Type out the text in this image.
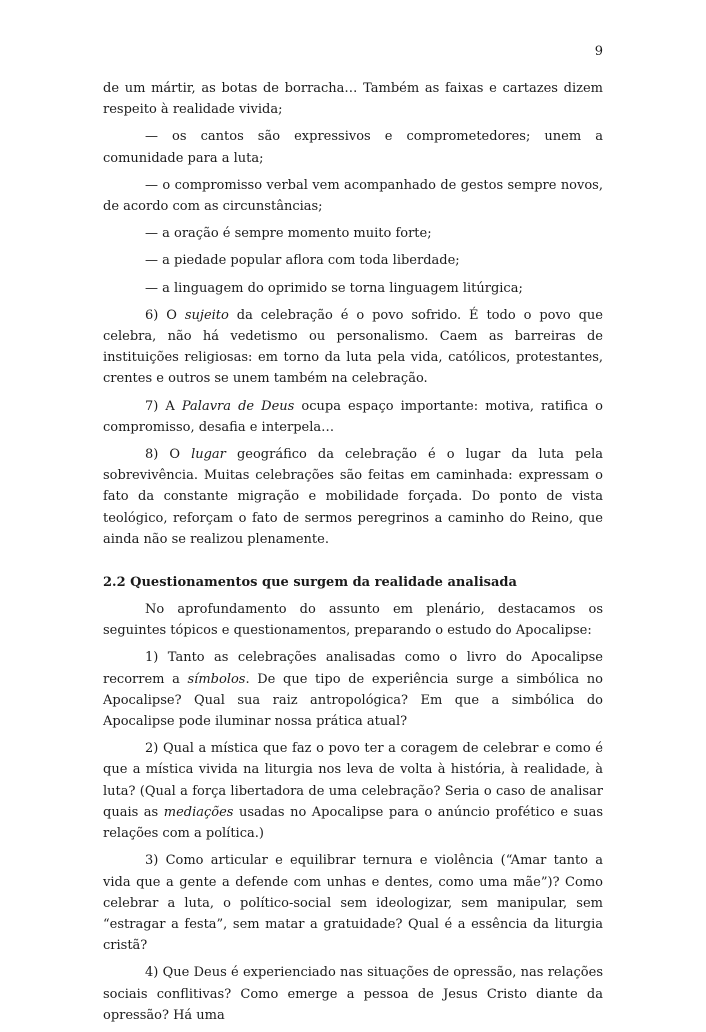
9

de um mártir, as botas de borracha… Também as faixas e cartazes dizem respeito à realidade vivida;

— os cantos são expressivos e comprometedores; unem a comunidade para a luta;

— o compromisso verbal vem acompanhado de gestos sempre novos, de acordo com as circunstâncias;

— a oração é sempre momento muito forte;

— a piedade popular aflora com toda liberdade;

— a linguagem do oprimido se torna linguagem litúrgica;

6) O sujeito da celebração é o povo sofrido. É todo o povo que celebra, não há vedetismo ou personalismo. Caem as barreiras de instituições religiosas: em torno da luta pela vida, católicos, protestantes, crentes e outros se unem também na celebração.

7) A Palavra de Deus ocupa espaço importante: motiva, ratifica o compromisso, desafia e interpela…

8) O lugar geográfico da celebração é o lugar da luta pela sobrevivência. Muitas celebrações são feitas em caminhada: expressam o fato da constante migração e mobilidade forçada. Do ponto de vista teológico, reforçam o fato de sermos peregrinos a caminho do Reino, que ainda não se realizou plenamente.

2.2 Questionamentos que surgem da realidade analisada

No aprofundamento do assunto em plenário, destacamos os seguintes tópicos e questionamentos, preparando o estudo do Apocalipse:

1) Tanto as celebrações analisadas como o livro do Apocalipse recorrem a símbolos. De que tipo de experiência surge a simbólica no Apocalipse? Qual sua raiz antropológica? Em que a simbólica do Apocalipse pode iluminar nossa prática atual?

2) Qual a mística que faz o povo ter a coragem de celebrar e como é que a mística vivida na liturgia nos leva de volta à história, à realidade, à luta? (Qual a força libertadora de uma celebração? Seria o caso de analisar quais as mediações usadas no Apocalipse para o anúncio profético e suas relações com a política.)

3) Como articular e equilibrar ternura e violência (“Amar tanto a vida que a gente a defende com unhas e dentes, como uma mãe”)? Como celebrar a luta, o político-social sem ideologizar, sem manipular, sem “estragar a festa”, sem matar a gratuidade? Qual é a essência da liturgia cristã?

4) Que Deus é experienciado nas situações de opressão, nas relações sociais conflitivas? Como emerge a pessoa de Jesus Cristo diante da opressão? Há uma
